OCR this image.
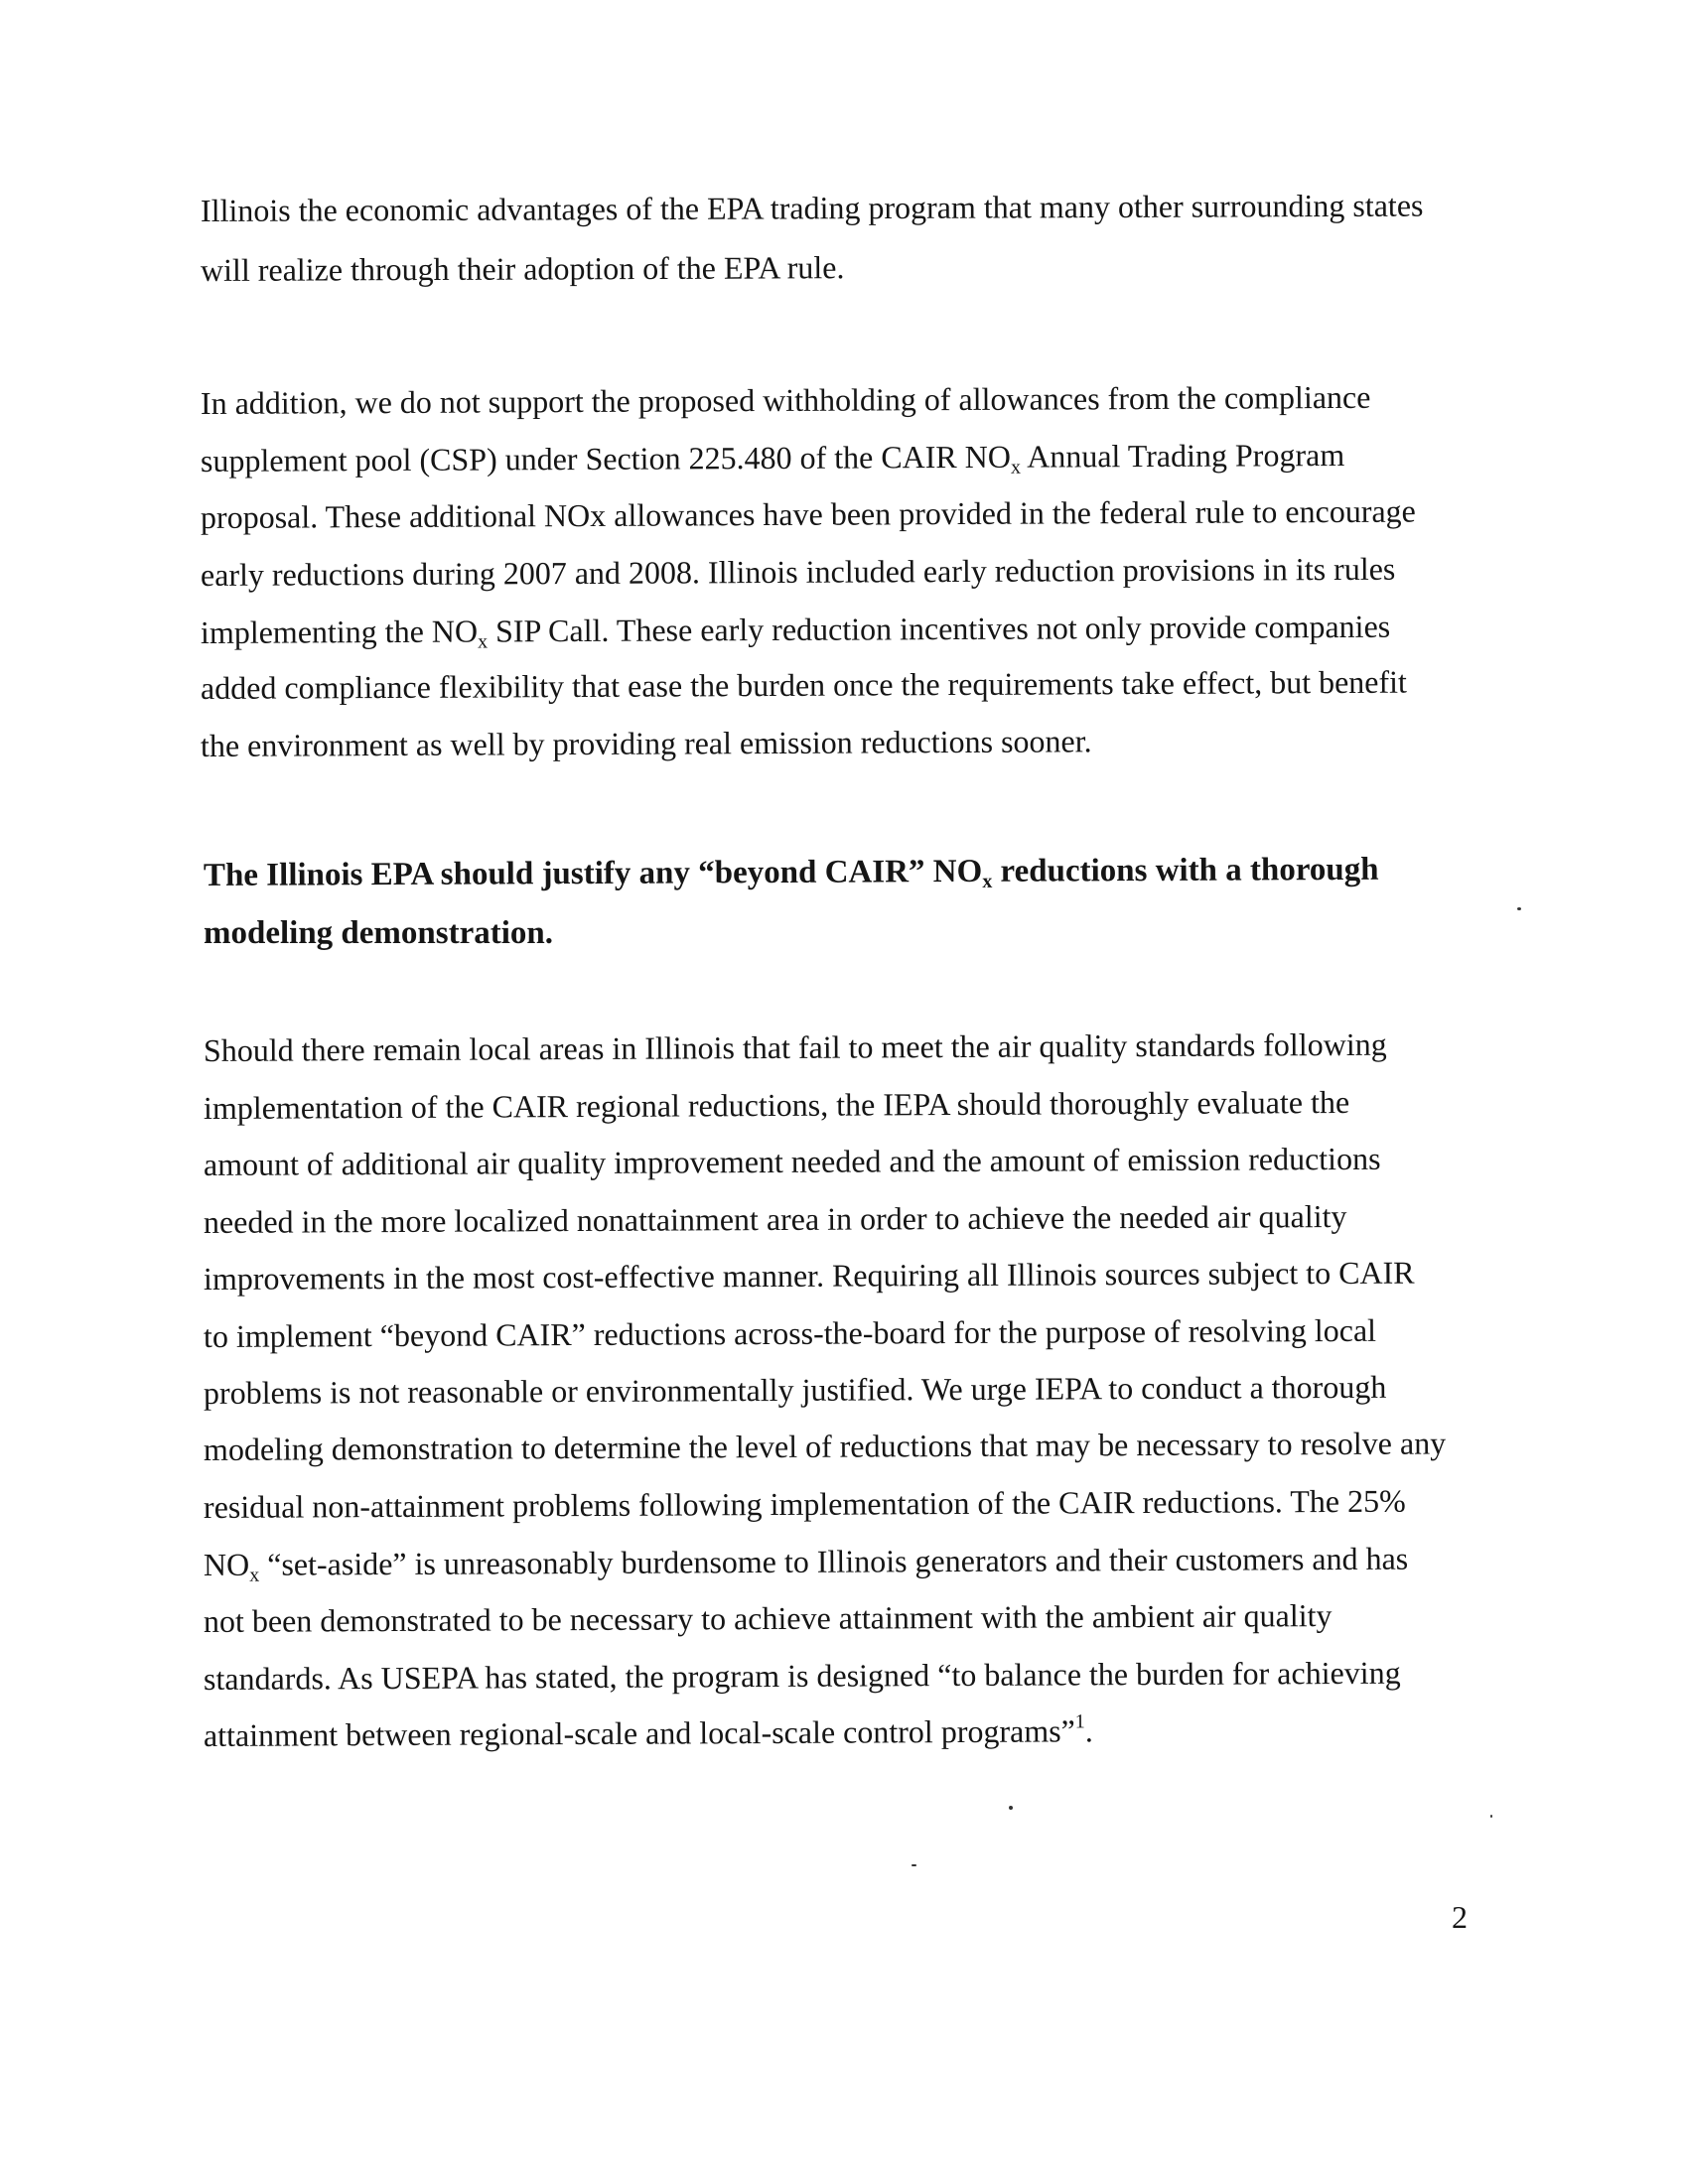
Illinois the economic advantages of the EPA trading program that many other surrounding states
will realize through their adoption of the EPA rule.
In addition, we do not support the proposed withholding of allowances from the compliance
supplement pool (CSP) under Section 225.480 of the CAIR $NO_x$ Annual Trading Program
proposal. These additional NOx allowances have been provided in the federal rule to encourage
early reductions during 2007 and 2008. Illinois included early reduction provisions in its rules
implementing the $NO_x$ SIP Call. These early reduction incentives not only provide companies
added compliance flexibility that ease the burden once the requirements take effect, but benefit
the environment as well by providing real emission reductions sooner.
The Illinois EPA should justify any “beyond CAIR” $NO_x$ reductions with a thorough
modeling demonstration.
Should there remain local areas in Illinois that fail to meet the air quality standards following
implementation of the CAIR regional reductions, the IEPA should thoroughly evaluate the
amount of additional air quality improvement needed and the amount of emission reductions
needed in the more localized nonattainment area in order to achieve the needed air quality
improvements in the most cost-effective manner. Requiring all Illinois sources subject to CAIR
to implement “beyond CAIR” reductions across-the-board for the purpose of resolving local
problems is not reasonable or environmentally justified. We urge IEPA to conduct a thorough
modeling demonstration to determine the level of reductions that may be necessary to resolve any
residual non-attainment problems following implementation of the CAIR reductions. The 25%
$NO_x$ “set-aside” is unreasonably burdensome to Illinois generators and their customers and has
not been demonstrated to be necessary to achieve attainment with the ambient air quality
standards. As USEPA has stated, the program is designed “to balance the burden for achieving
attainment between regional-scale and local-scale control programs”$^1$.
2
